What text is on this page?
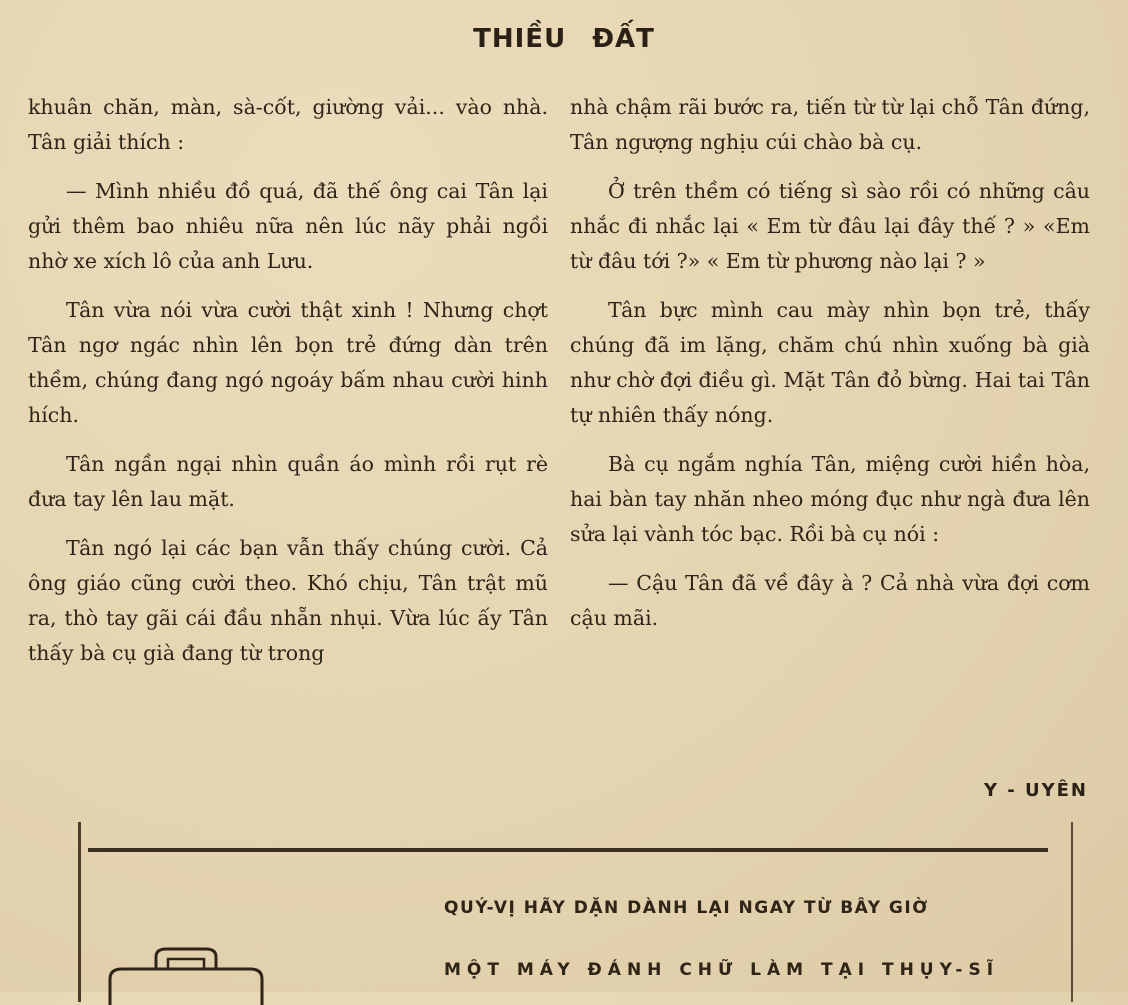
THIỀU ĐẤT

khuân chăn, màn, sà-cốt, giường vải... vào nhà. Tân giải thích :

— Mình nhiều đồ quá, đã thế ông cai Tân lại gửi thêm bao nhiêu nữa nên lúc nãy phải ngồi nhờ xe xích lô của anh Lưu.

Tân vừa nói vừa cười thật xinh ! Nhưng chợt Tân ngơ ngác nhìn lên bọn trẻ đứng dàn trên thềm, chúng đang ngó ngoáy bấm nhau cười hinh hích.

Tân ngần ngại nhìn quần áo mình rồi rụt rè đưa tay lên lau mặt.

Tân ngó lại các bạn vẫn thấy chúng cười. Cả ông giáo cũng cười theo. Khó chịu, Tân trật mũ ra, thò tay gãi cái đầu nhẵn nhụi. Vừa lúc ấy Tân thấy bà cụ già đang từ trong

nhà chậm rãi bước ra, tiến từ từ lại chỗ Tân đứng, Tân ngượng nghịu cúi chào bà cụ.

Ở trên thềm có tiếng sì sào rồi có những câu nhắc đi nhắc lại « Em từ đâu lại đây thế ? » «Em từ đâu tới ?» « Em từ phương nào lại ? »

Tân bực mình cau mày nhìn bọn trẻ, thấy chúng đã im lặng, chăm chú nhìn xuống bà già như chờ đợi điều gì. Mặt Tân đỏ bừng. Hai tai Tân tự nhiên thấy nóng.

Bà cụ ngắm nghía Tân, miệng cười hiền hòa, hai bàn tay nhăn nheo móng đục như ngà đưa lên sửa lại vành tóc bạc. Rồi bà cụ nói :

— Cậu Tân đã về đây à ? Cả nhà vừa đợi cơm cậu mãi.

Y - UYÊN
QUÝ-VỊ HÃY DẶN DÀNH LẠI NGAY TỪ BÂY GIỜ
MỘT MÁY ĐÁNH CHỮ LÀM TẠI THỤY-SĨ
